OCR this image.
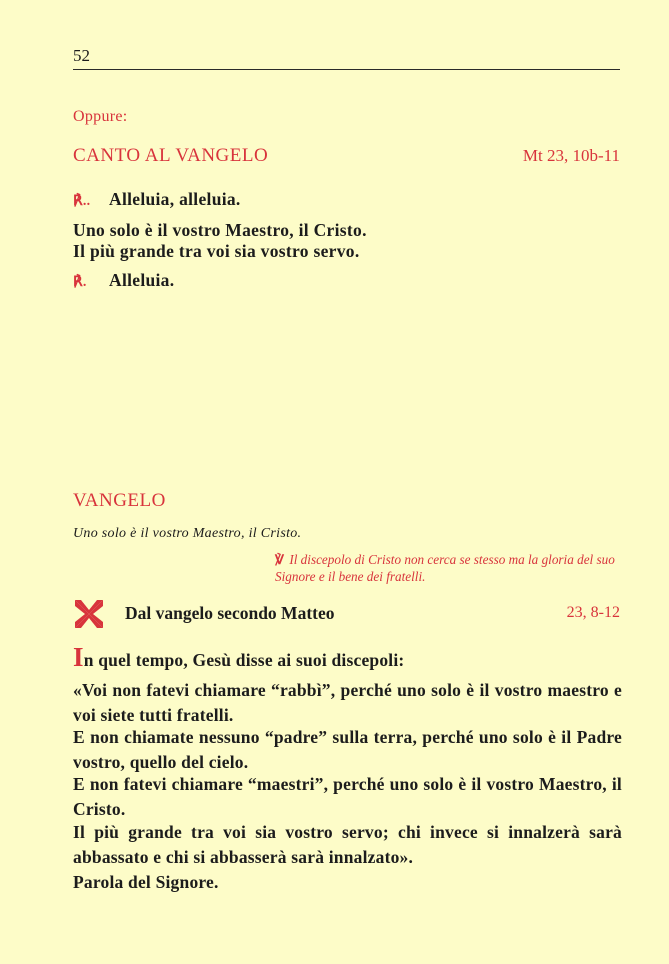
52
Oppure:
CANTO AL VANGELO	Mt 23, 10b-11
℟.. Alleluia, alleluia.
Uno solo è il vostro Maestro, il Cristo.
Il più grande tra voi sia vostro servo.
℟. Alleluia.
VANGELO
Uno solo è il vostro Maestro, il Cristo.
℣ Il discepolo di Cristo non cerca se stesso ma la gloria del suo Signore e il bene dei fratelli.
Dal vangelo secondo Matteo	23, 8-12
In quel tempo, Gesù disse ai suoi discepoli:
«Voi non fatevi chiamare “rabbì”, perché uno solo è il vostro maestro e voi siete tutti fratelli.
E non chiamate nessuno “padre” sulla terra, perché uno solo è il Padre vostro, quello del cielo.
E non fatevi chiamare “maestri”, perché uno solo è il vostro Maestro, il Cristo.
Il più grande tra voi sia vostro servo; chi invece si innalzerà sarà abbassato e chi si abbasserà sarà innalzato».
Parola del Signore.
